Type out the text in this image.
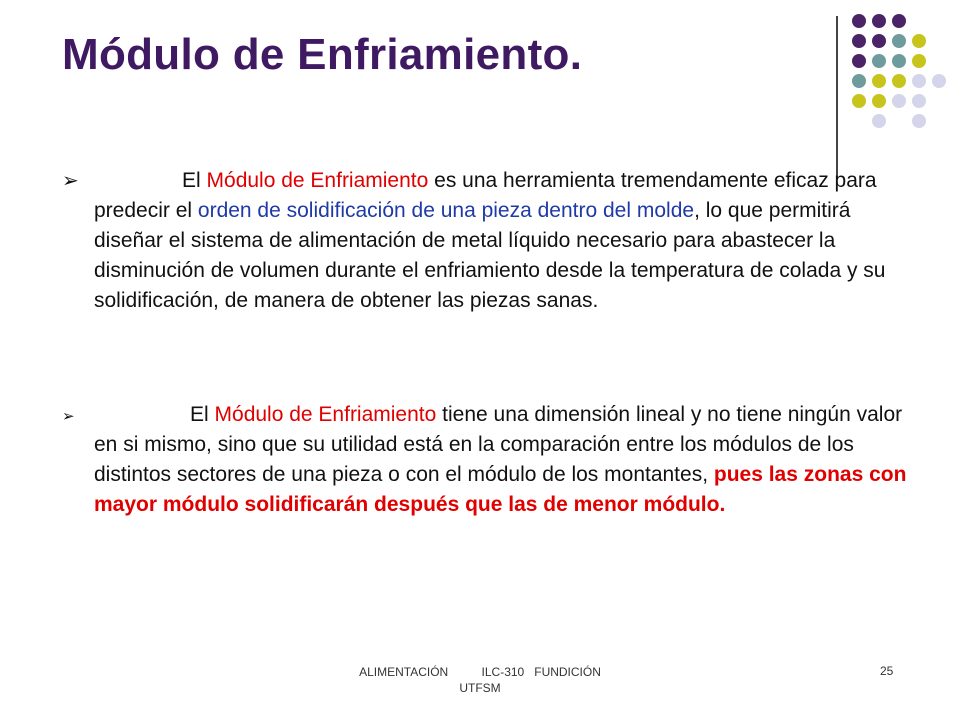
Módulo de Enfriamiento.
➢	El Módulo de Enfriamiento es una herramienta tremendamente eficaz para predecir el orden de solidificación de una pieza dentro del molde, lo que permitirá diseñar el sistema de alimentación de metal líquido necesario para abastecer la disminución de volumen durante el enfriamiento desde la temperatura de colada y su solidificación, de manera de obtener las piezas sanas.
➢	El Módulo de Enfriamiento tiene una dimensión lineal y no tiene ningún valor en si mismo, sino que su utilidad está en la comparación entre los módulos de los distintos sectores de una pieza o con el módulo de los montantes, pues las zonas con mayor módulo solidificarán después que las de menor módulo.
ALIMENTACIÓN          ILC-310   FUNDICIÓN
UTFSM
25
